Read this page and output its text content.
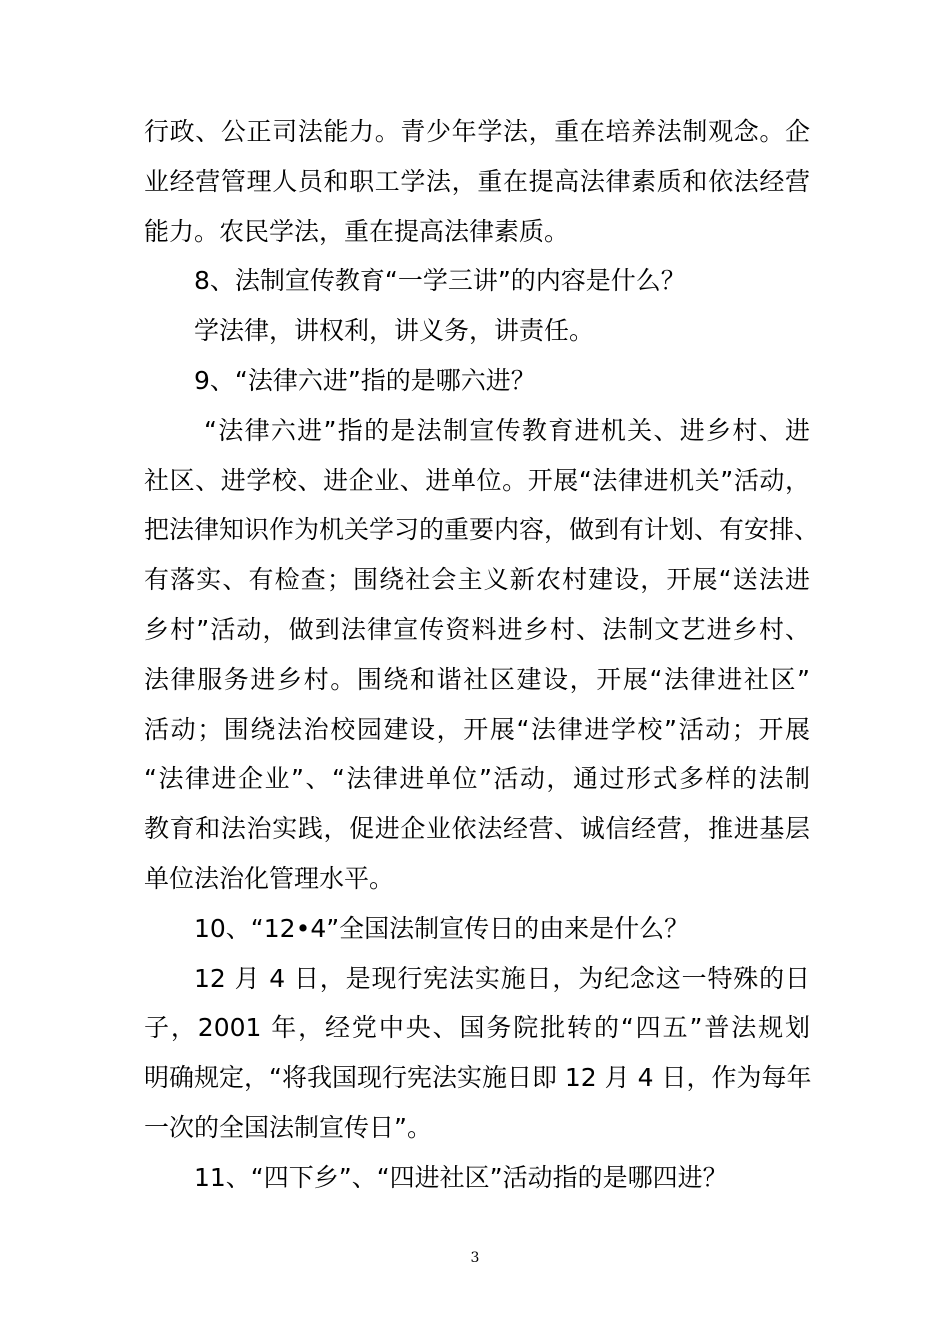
行政、公正司法能力。青少年学法，重在培养法制观念。企
业经营管理人员和职工学法，重在提高法律素质和依法经营
能力。农民学法，重在提高法律素质。
8、法制宣传教育“一学三讲”的内容是什么？
学法律，讲权利，讲义务，讲责任。
9、“法律六进”指的是哪六进？
“法律六进”指的是法制宣传教育进机关、进乡村、进
社区、进学校、进企业、进单位。开展“法律进机关”活动，
把法律知识作为机关学习的重要内容，做到有计划、有安排、
有落实、有检查；围绕社会主义新农村建设，开展“送法进
乡村”活动，做到法律宣传资料进乡村、法制文艺进乡村、
法律服务进乡村。围绕和谐社区建设，开展“法律进社区”
活动；围绕法治校园建设，开展“法律进学校”活动；开展
“法律进企业”、“法律进单位”活动，通过形式多样的法制
教育和法治实践，促进企业依法经营、诚信经营，推进基层
单位法治化管理水平。
10、“12•4”全国法制宣传日的由来是什么？
12 月 4 日，是现行宪法实施日，为纪念这一特殊的日
子，2001 年，经党中央、国务院批转的“四五”普法规划
明确规定，“将我国现行宪法实施日即 12 月 4 日，作为每年
一次的全国法制宣传日”。
11、“四下乡”、“四进社区”活动指的是哪四进？
3
